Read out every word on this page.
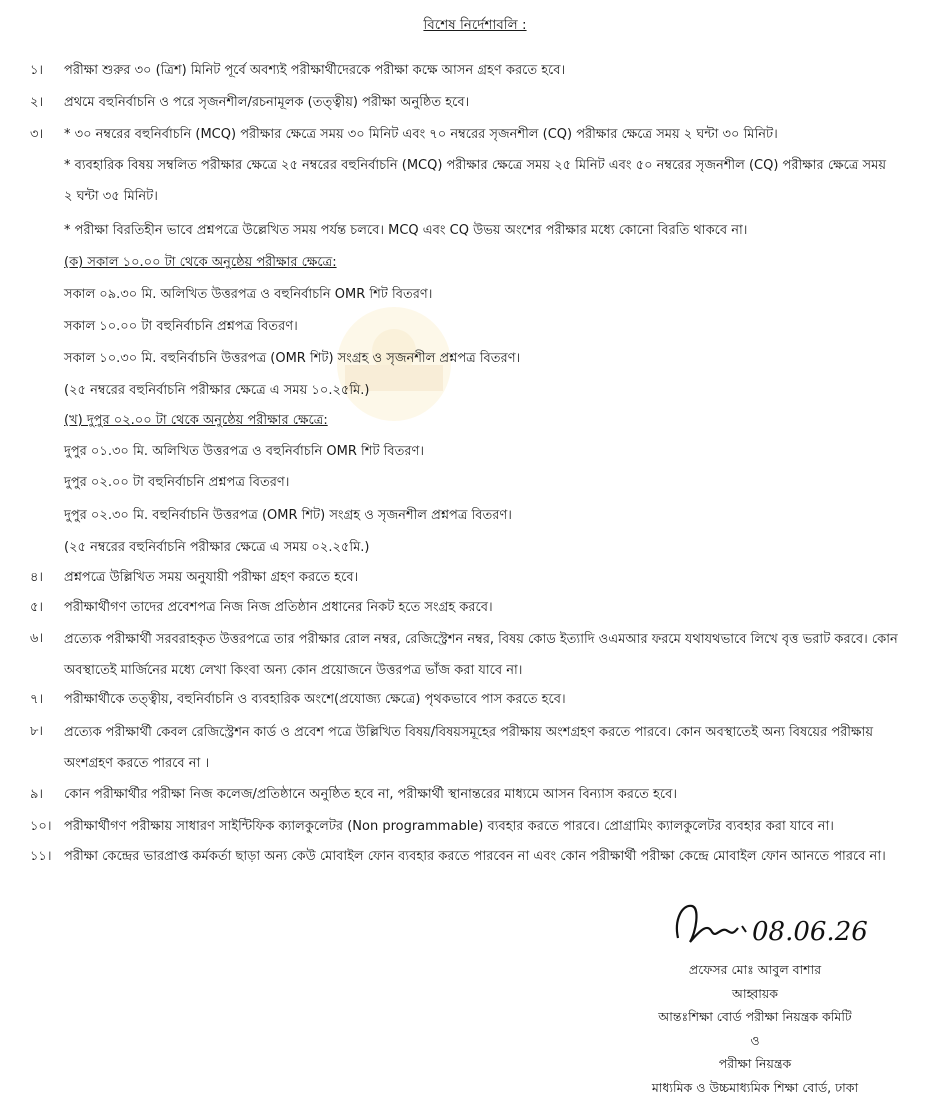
বিশেষ নির্দেশাবলি :
১।	পরীক্ষা শুরুর ৩০ (ত্রিশ) মিনিট পূর্বে অবশ্যই পরীক্ষার্থীদেরকে পরীক্ষা কক্ষে আসন গ্রহণ করতে হবে।
২।	প্রথমে বহুনির্বাচনি ও পরে সৃজনশীল/রচনামূলক (তত্ত্বীয়) পরীক্ষা অনুষ্ঠিত হবে।
৩।	* ৩০ নম্বরের বহুনির্বাচনি (MCQ) পরীক্ষার ক্ষেত্রে সময় ৩০ মিনিট এবং ৭০ নম্বরের সৃজনশীল (CQ) পরীক্ষার ক্ষেত্রে সময় ২ ঘন্টা ৩০ মিনিট।
* ব্যবহারিক বিষয় সম্বলিত পরীক্ষার ক্ষেত্রে ২৫ নম্বরের বহুনির্বাচনি (MCQ) পরীক্ষার ক্ষেত্রে সময় ২৫ মিনিট এবং ৫০ নম্বরের সৃজনশীল (CQ) পরীক্ষার ক্ষেত্রে সময়
২ ঘন্টা ৩৫ মিনিট।
* পরীক্ষা বিরতিহীন ভাবে প্রশ্নপত্রে উল্লেখিত সময় পর্যন্ত চলবে। MCQ এবং CQ উভয় অংশের পরীক্ষার মধ্যে কোনো বিরতি থাকবে না।
(ক) সকাল ১০.০০ টা থেকে অনুষ্ঠেয় পরীক্ষার ক্ষেত্রে:
সকাল ০৯.৩০ মি. অলিখিত উত্তরপত্র ও বহুনির্বাচনি OMR শিট বিতরণ।
সকাল ১০.০০ টা বহুনির্বাচনি প্রশ্নপত্র বিতরণ।
সকাল ১০.৩০ মি. বহুনির্বাচনি উত্তরপত্র (OMR শিট) সংগ্রহ ও সৃজনশীল প্রশ্নপত্র বিতরণ।
(২৫ নম্বরের বহুনির্বাচনি পরীক্ষার ক্ষেত্রে এ সময় ১০.২৫মি.)
(খ) দুপুর ০২.০০ টা থেকে অনুষ্ঠেয় পরীক্ষার ক্ষেত্রে:
দুপুর ০১.৩০ মি. অলিখিত উত্তরপত্র ও বহুনির্বাচনি OMR শিট বিতরণ।
দুপুর ০২.০০ টা বহুনির্বাচনি প্রশ্নপত্র বিতরণ।
দুপুর ০২.৩০ মি. বহুনির্বাচনি উত্তরপত্র (OMR শিট) সংগ্রহ ও সৃজনশীল প্রশ্নপত্র বিতরণ।
(২৫ নম্বরের বহুনির্বাচনি পরীক্ষার ক্ষেত্রে এ সময় ০২.২৫মি.)
৪।	প্রশ্নপত্রে উল্লিখিত সময় অনুযায়ী পরীক্ষা গ্রহণ করতে হবে।
৫।	পরীক্ষার্থীগণ তাদের প্রবেশপত্র নিজ নিজ প্রতিষ্ঠান প্রধানের নিকট হতে সংগ্রহ করবে।
৬।	প্রত্যেক পরীক্ষার্থী সরবরাহকৃত উত্তরপত্রে তার পরীক্ষার রোল নম্বর, রেজিস্ট্রেশন নম্বর, বিষয় কোড ইত্যাদি ওএমআর ফরমে যথাযথভাবে লিখে বৃত্ত ভরাট করবে। কোন অবস্থাতেই মার্জিনের মধ্যে লেখা কিংবা অন্য কোন প্রয়োজনে উত্তরপত্র ভাঁজ করা যাবে না।
৭।	পরীক্ষার্থীকে তত্ত্বীয়, বহুনির্বাচনি ও ব্যবহারিক অংশে(প্রযোজ্য ক্ষেত্রে) পৃথকভাবে পাস করতে হবে।
৮।	প্রত্যেক পরীক্ষার্থী কেবল রেজিস্ট্রেশন কার্ড ও প্রবেশ পত্রে উল্লিখিত বিষয়/বিষয়সমূহের পরীক্ষায় অংশগ্রহণ করতে পারবে। কোন অবস্থাতেই অন্য বিষয়ের পরীক্ষায় অংশগ্রহণ করতে পারবে না ।
৯।	কোন পরীক্ষার্থীর পরীক্ষা নিজ কলেজ/প্রতিষ্ঠানে অনুষ্ঠিত হবে না, পরীক্ষার্থী স্থানান্তরের মাধ্যমে আসন বিন্যাস করতে হবে।
১০। পরীক্ষার্থীগণ পরীক্ষায় সাধারণ সাইন্টিফিক ক্যালকুলেটর (Non programmable) ব্যবহার করতে পারবে। প্রোগ্রামিং ক্যালকুলেটর ব্যবহার করা যাবে না।
১১। পরীক্ষা কেন্দ্রের ভারপ্রাপ্ত কর্মকর্তা ছাড়া অন্য কেউ মোবাইল ফোন ব্যবহার করতে পারবেন না এবং কোন পরীক্ষার্থী পরীক্ষা কেন্দ্রে মোবাইল ফোন আনতে পারবে না।
08.06.26
প্রফেসর মোঃ আবুল বাশার
আহ্বায়ক
আন্তঃশিক্ষা বোর্ড পরীক্ষা নিয়ন্ত্রক কমিটি
ও
পরীক্ষা নিয়ন্ত্রক
মাধ্যমিক ও উচ্চমাধ্যমিক শিক্ষা বোর্ড, ঢাকা
